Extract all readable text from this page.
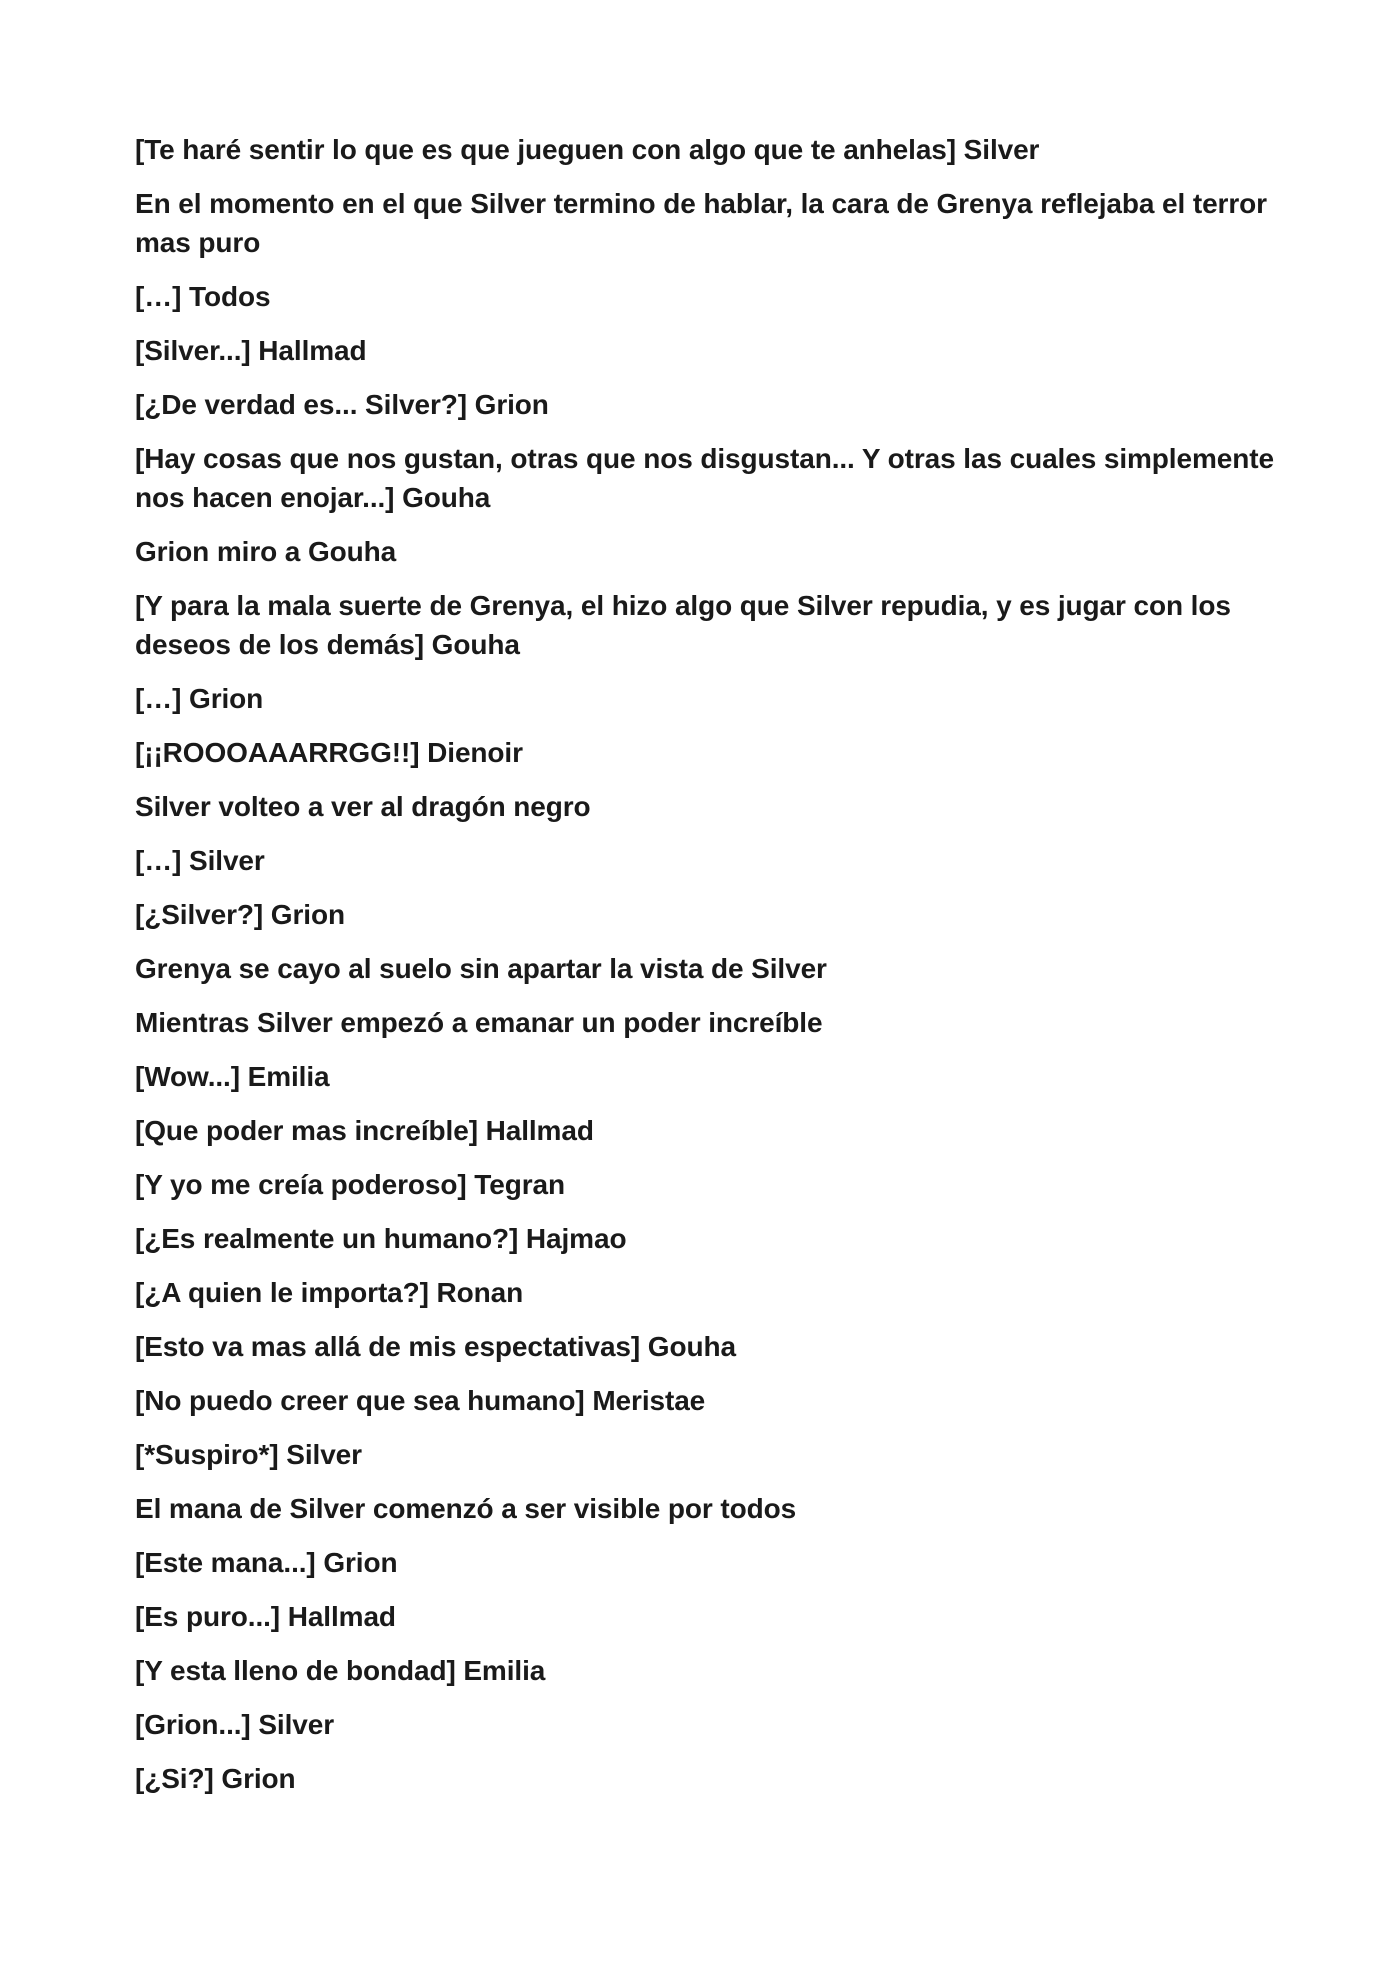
[Te haré sentir lo que es que jueguen con algo que te anhelas] Silver

En el momento en el que Silver termino de hablar, la cara de Grenya reflejaba el terror mas puro

[…] Todos

[Silver...] Hallmad

[¿De verdad es... Silver?] Grion

[Hay cosas que nos gustan, otras que nos disgustan... Y otras las cuales simplemente nos hacen enojar...] Gouha

Grion miro a Gouha

[Y para la mala suerte de Grenya, el hizo algo que Silver repudia, y es jugar con los deseos de los demás] Gouha

[…] Grion

[¡¡ROOOAAARRGG!!] Dienoir

Silver volteo a ver al dragón negro

[…] Silver

[¿Silver?] Grion

Grenya se cayo al suelo sin apartar la vista de Silver

Mientras Silver empezó a emanar un poder increíble

[Wow...] Emilia

[Que poder mas increíble] Hallmad

[Y yo me creía poderoso] Tegran

[¿Es realmente un humano?] Hajmao

[¿A quien le importa?] Ronan

[Esto va mas allá de mis espectativas] Gouha

[No puedo creer que sea humano] Meristae

[*Suspiro*] Silver

El mana de Silver comenzó a ser visible por todos

[Este mana...] Grion

[Es puro...] Hallmad

[Y esta lleno de bondad] Emilia

[Grion...] Silver

[¿Si?] Grion
